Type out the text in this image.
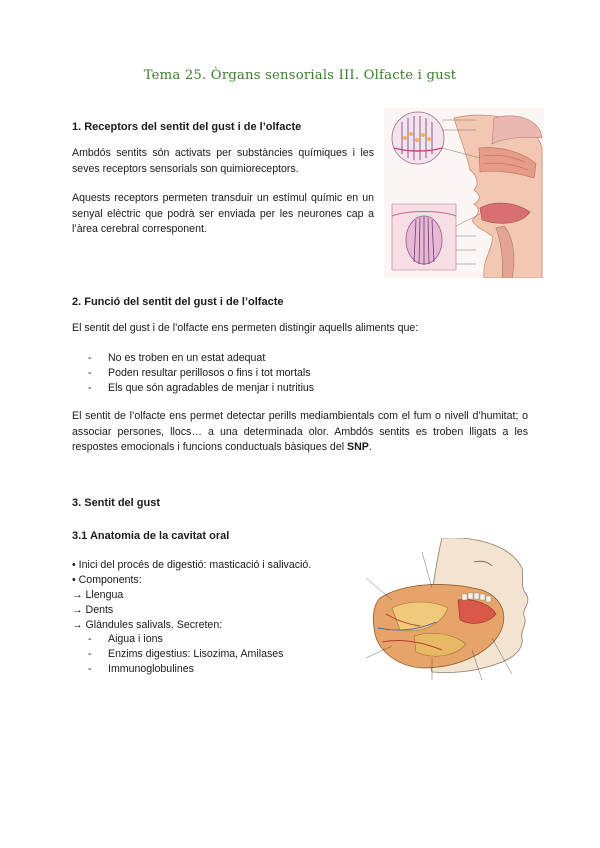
Tema 25. Òrgans sensorials III. Olfacte i gust
1. Receptors del sentit del gust i de l’olfacte
Ambdós sentits són activats per substàncies químiques i les seves receptors sensorials son quimioreceptors.
Aquests receptors permeten transduir un estímul químic en un senyal elèctric que podrà ser enviada per les neurones cap a l’àrea cerebral corresponent.
2. Funció del sentit del gust i de l’olfacte
El sentit del gust i de l’olfacte ens permeten distingir aquells aliments que:
- No es troben en un estat adequat
- Poden resultar perillosos o fins i tot mortals
- Els que són agradables de menjar i nutritius
El sentit de l’olfacte ens permet detectar perills mediambientals com el fum o nivell d’humitat; o associar persones, llocs… a una determinada olor. Ambdós sentits es troben lligats a les respostes emocionals i funcions conductuals bàsiques del SNP.
3. Sentit del gust
3.1 Anatomia de la cavitat oral
• Inici del procés de digestió: masticació i salivació.
• Components:
→ Llengua
→ Dents
→ Glàndules salivals. Secreten:
- Aigua i ions
- Enzims digestius: Lisozima, Amilases
- Immunoglobulines
